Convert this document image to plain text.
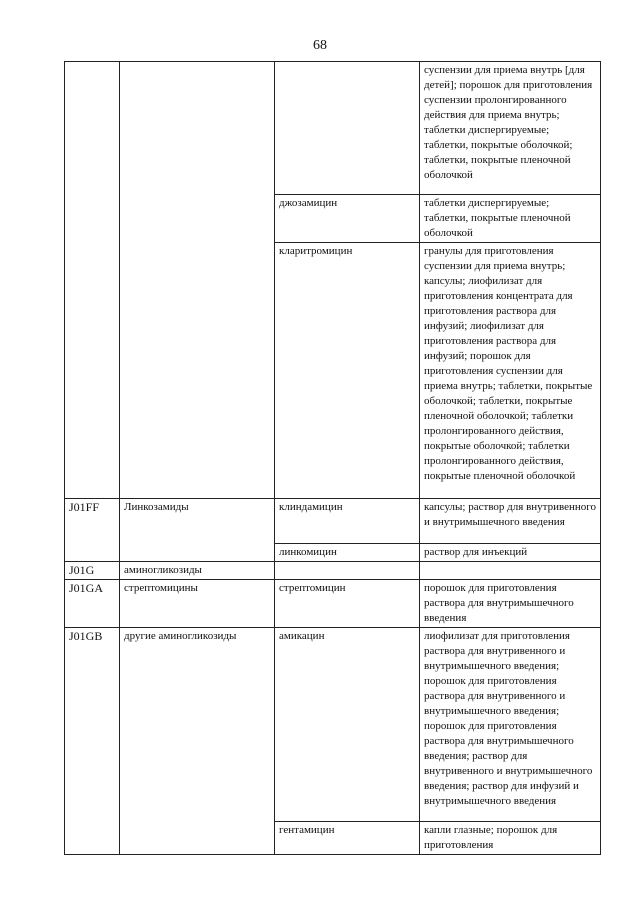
68
			суспензии для приема внутрь [для детей]; порошок для приготовления суспензии пролонгированного действия для приема внутрь; таблетки диспергируемые; таблетки, покрытые оболочкой; таблетки, покрытые пленочной оболочкой
		джозамицин	таблетки диспергируемые; таблетки, покрытые пленочной оболочкой
		кларитромицин	гранулы для приготовления суспензии для приема внутрь; капсулы; лиофилизат для приготовления концентрата для приготовления раствора для инфузий; лиофилизат для приготовления раствора для инфузий; порошок для приготовления суспензии для приема внутрь; таблетки, покрытые оболочкой; таблетки, покрытые пленочной оболочкой; таблетки пролонгированного действия, покрытые оболочкой; таблетки пролонгированного действия, покрытые пленочной оболочкой
J01FF	Линкозамиды	клиндамицин	капсулы; раствор для внутривенного и внутримышечного введения
		линкомицин	раствор для инъекций
J01G	аминогликозиды		
J01GA	стрептомицины	стрептомицин	порошок для приготовления раствора для внутримышечного введения
J01GB	другие аминогликозиды	амикацин	лиофилизат для приготовления раствора для внутривенного и внутримышечного введения; порошок для приготовления раствора для внутривенного и внутримышечного введения; порошок для приготовления раствора для внутримышечного введения; раствор для внутривенного и внутримышечного введения; раствор для инфузий и внутримышечного введения
		гентамицин	капли глазные; порошок для приготовления
